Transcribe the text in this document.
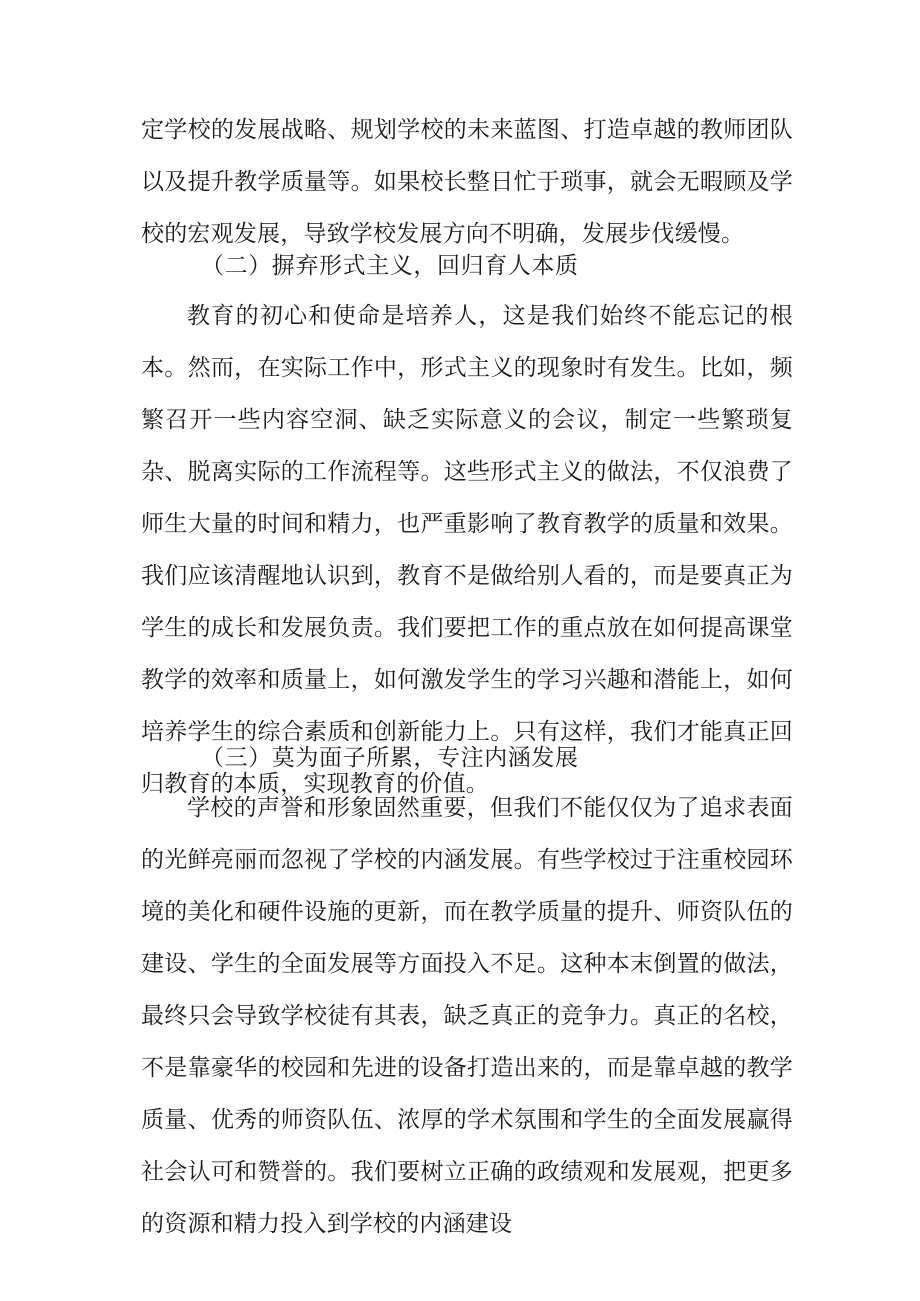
定学校的发展战略、规划学校的未来蓝图、打造卓越的教师团队以及提升教学质量等。如果校长整日忙于琐事，就会无暇顾及学校的宏观发展，导致学校发展方向不明确，发展步伐缓慢。

（二）摒弃形式主义，回归育人本质

教育的初心和使命是培养人，这是我们始终不能忘记的根本。然而，在实际工作中，形式主义的现象时有发生。比如，频繁召开一些内容空洞、缺乏实际意义的会议，制定一些繁琐复杂、脱离实际的工作流程等。这些形式主义的做法，不仅浪费了师生大量的时间和精力，也严重影响了教育教学的质量和效果。我们应该清醒地认识到，教育不是做给别人看的，而是要真正为学生的成长和发展负责。我们要把工作的重点放在如何提高课堂教学的效率和质量上，如何激发学生的学习兴趣和潜能上，如何培养学生的综合素质和创新能力上。只有这样，我们才能真正回归教育的本质，实现教育的价值。

（三）莫为面子所累，专注内涵发展

学校的声誉和形象固然重要，但我们不能仅仅为了追求表面的光鲜亮丽而忽视了学校的内涵发展。有些学校过于注重校园环境的美化和硬件设施的更新，而在教学质量的提升、师资队伍的建设、学生的全面发展等方面投入不足。这种本末倒置的做法，最终只会导致学校徒有其表，缺乏真正的竞争力。真正的名校，不是靠豪华的校园和先进的设备打造出来的，而是靠卓越的教学质量、优秀的师资队伍、浓厚的学术氛围和学生的全面发展赢得社会认可和赞誉的。我们要树立正确的政绩观和发展观，把更多的资源和精力投入到学校的内涵建设
